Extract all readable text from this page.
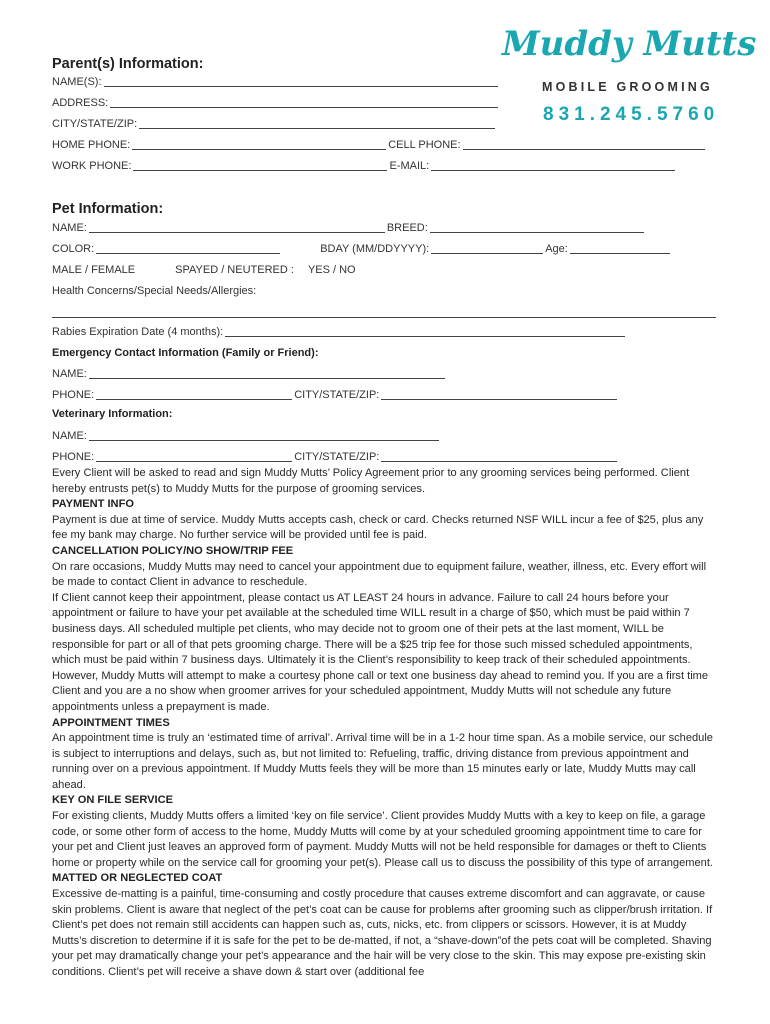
Muddy Mutts
MOBILE GROOMING
831.245.5760
Parent(s) Information:
NAME(S):
ADDRESS:
CITY/STATE/ZIP:
HOME PHONE:	CELL PHONE:
WORK PHONE:	E-MAIL:
Pet Information:
NAME:	BREED:
COLOR:	BDAY (MM/DDYYYY):	Age:
MALE / FEMALE	SPAYED / NEUTERED : YES / NO
Health Concerns/Special Needs/Allergies:
Rabies Expiration Date (4 months):
Emergency Contact Information (Family or Friend):
NAME:
PHONE:	CITY/STATE/ZIP:
Veterinary Information:
NAME:
PHONE:	CITY/STATE/ZIP:

Every Client will be asked to read and sign Muddy Mutts’ Policy Agreement prior to any grooming services being performed. Client hereby entrusts pet(s) to Muddy Mutts for the purpose of grooming services.

PAYMENT INFO

Payment is due at time of service. Muddy Mutts accepts cash, check or card. Checks returned NSF WILL incur a fee of $25, plus any fee my bank may charge. No further service will be provided until fee is paid.

CANCELLATION POLICY/NO SHOW/TRIP FEE

On rare occasions, Muddy Mutts may need to cancel your appointment due to equipment failure, weather, illness, etc. Every effort will be made to contact Client in advance to reschedule.

If Client cannot keep their appointment, please contact us AT LEAST 24 hours in advance. Failure to call 24 hours before your appointment or failure to have your pet available at the scheduled time WILL result in a charge of $50, which must be paid within 7 business days. All scheduled multiple pet clients, who may decide not to groom one of their pets at the last moment, WILL be responsible for part or all of that pets grooming charge. There will be a $25 trip fee for those such missed scheduled appointments, which must be paid within 7 business days. Ultimately it is the Client’s responsibility to keep track of their scheduled appointments. However, Muddy Mutts will attempt to make a courtesy phone call or text one business day ahead to remind you. If you are a first time Client and you are a no show when groomer arrives for your scheduled appointment, Muddy Mutts will not schedule any future appointments unless a prepayment is made.

APPOINTMENT TIMES

An appointment time is truly an ‘estimated time of arrival’. Arrival time will be in a 1-2 hour time span. As a mobile service, our schedule is subject to interruptions and delays, such as, but not limited to: Refueling, traffic, driving distance from previous appointment and running over on a previous appointment. If Muddy Mutts feels they will be more than 15 minutes early or late, Muddy Mutts may call ahead.

KEY ON FILE SERVICE

For existing clients, Muddy Mutts offers a limited ‘key on file service’. Client provides Muddy Mutts with a key to keep on file, a garage code, or some other form of access to the home, Muddy Mutts will come by at your scheduled grooming appointment time to care for your pet and Client just leaves an approved form of payment. Muddy Mutts will not be held responsible for damages or theft to Clients home or property while on the service call for grooming your pet(s). Please call us to discuss the possibility of this type of arrangement.

MATTED OR NEGLECTED COAT

Excessive de-matting is a painful, time-consuming and costly procedure that causes extreme discomfort and can aggravate, or cause skin problems. Client is aware that neglect of the pet’s coat can be cause for problems after grooming such as clipper/brush irritation. If Client’s pet does not remain still accidents can happen such as, cuts, nicks, etc. from clippers or scissors. However, it is at Muddy Mutts’s discretion to determine if it is safe for the pet to be de-matted, if not, a “shave-down”of the pets coat will be completed. Shaving your pet may dramatically change your pet’s appearance and the hair will be very close to the skin. This may expose pre-existing skin conditions. Client’s pet will receive a shave down & start over (additional fee
